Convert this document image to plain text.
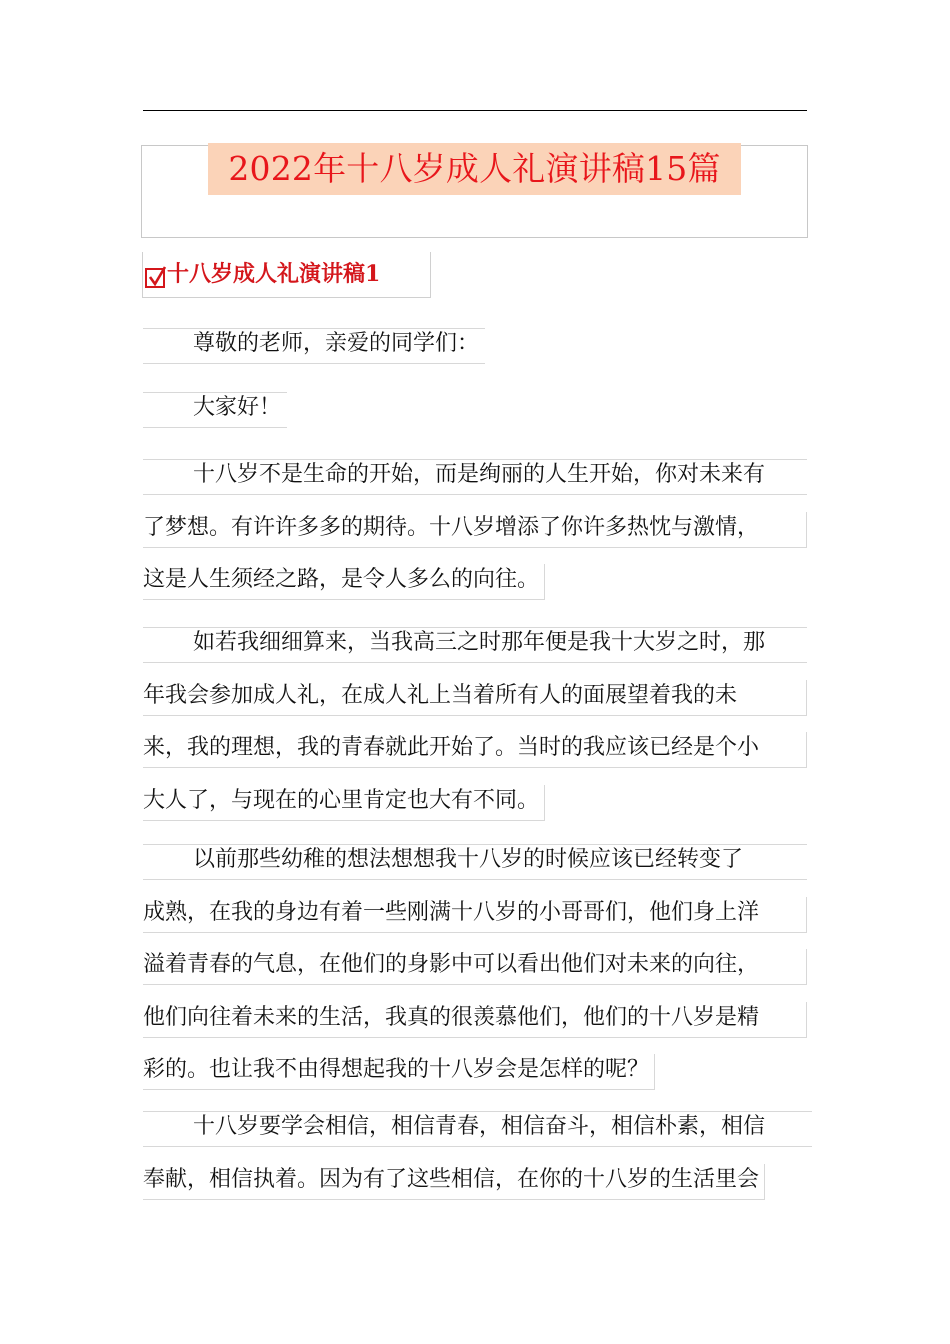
2022年十八岁成人礼演讲稿15篇
十八岁成人礼演讲稿1
尊敬的老师，亲爱的同学们：
大家好！
十八岁不是生命的开始，而是绚丽的人生开始，你对未来有
了梦想。有许许多多的期待。十八岁增添了你许多热忱与激情，
这是人生须经之路，是令人多么的向往。
如若我细细算来，当我高三之时那年便是我十大岁之时，那
年我会参加成人礼，在成人礼上当着所有人的面展望着我的未
来，我的理想，我的青春就此开始了。当时的我应该已经是个小
大人了，与现在的心里肯定也大有不同。
以前那些幼稚的想法想想我十八岁的时候应该已经转变了
成熟，在我的身边有着一些刚满十八岁的小哥哥们，他们身上洋
溢着青春的气息，在他们的身影中可以看出他们对未来的向往，
他们向往着未来的生活，我真的很羡慕他们，他们的十八岁是精
彩的。也让我不由得想起我的十八岁会是怎样的呢？
十八岁要学会相信，相信青春，相信奋斗，相信朴素，相信
奉献，相信执着。因为有了这些相信，在你的十八岁的生活里会
